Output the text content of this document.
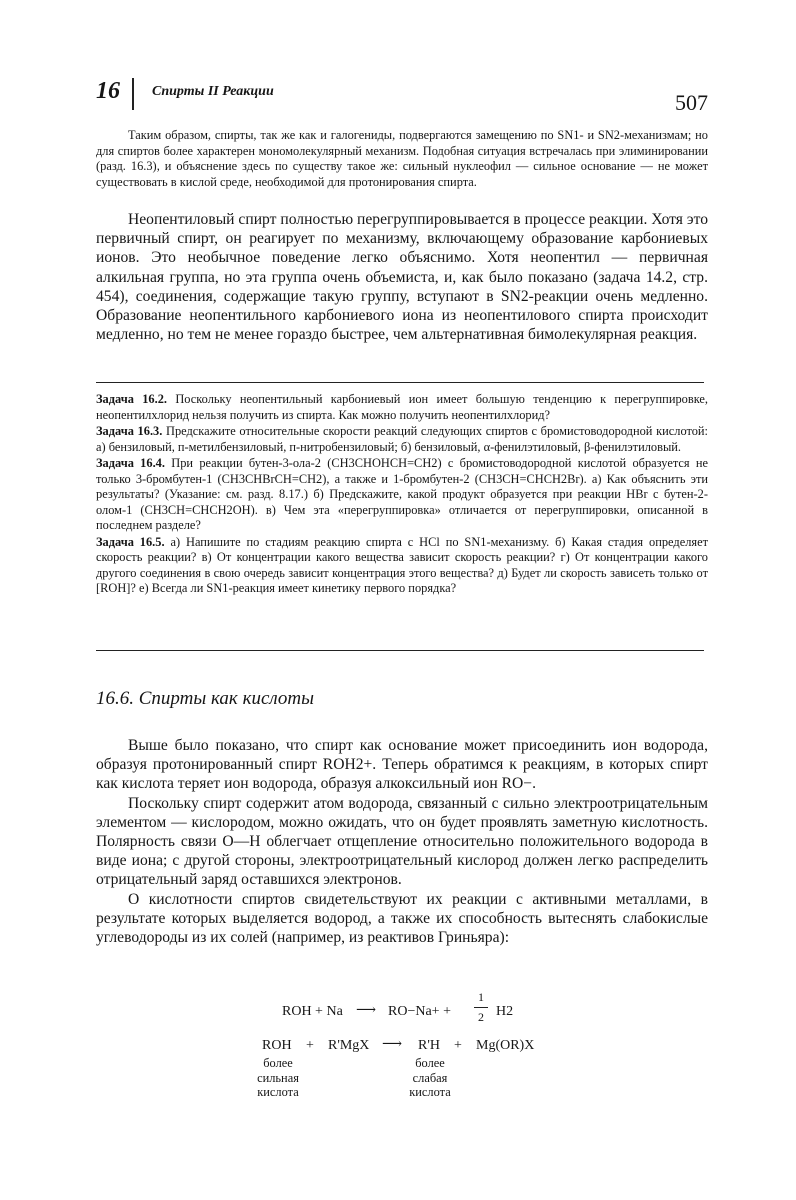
16 Спирты II Реакции	507

Таким образом, спирты, так же как и галогениды, подвергаются замещению по SN1- и SN2-механизмам; но для спиртов более характерен мономолекулярный механизм. Подобная ситуация встречалась при элиминировании (разд. 16.3), и объяснение здесь по существу такое же: сильный нуклеофил — сильное основание — не может существовать в кислой среде, необходимой для протонирования спирта.

Неопентиловый спирт полностью перегруппировывается в процессе реакции. Хотя это первичный спирт, он реагирует по механизму, включающему образование карбониевых ионов. Это необычное поведение легко объяснимо. Хотя неопентил — первичная алкильная группа, но эта группа очень объемиста, и, как было показано (задача 14.2, стр. 454), соединения, содержащие такую группу, вступают в SN2-реакции очень медленно. Образование неопентильного карбониевого иона из неопентилового спирта происходит медленно, но тем не менее гораздо быстрее, чем альтернативная бимолекулярная реакция.

Задача 16.2. Поскольку неопентильный карбониевый ион имеет большую тенденцию к перегруппировке, неопентилхлорид нельзя получить из спирта. Как можно получить неопентилхлорид?

Задача 16.3. Предскажите относительные скорости реакций следующих спиртов с бромистоводородной кислотой: а) бензиловый, п-метилбензиловый, п-нитробензиловый; б) бензиловый, α-фенилэтиловый, β-фенилэтиловый.

Задача 16.4. При реакции бутен-3-ола-2 (CH3CHOHCH=CH2) с бромистоводородной кислотой образуется не только 3-бромбутен-1 (CH3CHBrCH=CH2), а также и 1-бромбутен-2 (CH3CH=CHCH2Br). а) Как объяснить эти результаты? (Указание: см. разд. 8.17.) б) Предскажите, какой продукт образуется при реакции HBr с бутен-2-олом-1 (CH3CH=CHCH2OH). в) Чем эта «перегруппировка» отличается от перегруппировки, описанной в последнем разделе?

Задача 16.5. а) Напишите по стадиям реакцию спирта с HCl по SN1-механизму. б) Какая стадия определяет скорость реакции? в) От концентрации какого вещества зависит скорость реакции? г) От концентрации какого другого соединения в свою очередь зависит концентрация этого вещества? д) Будет ли скорость зависеть только от [ROH]? е) Всегда ли SN1-реакция имеет кинетику первого порядка?

16.6. Спирты как кислоты

Выше было показано, что спирт как основание может присоединить ион водорода, образуя протонированный спирт ROH2+. Теперь обратимся к реакциям, в которых спирт как кислота теряет ион водорода, образуя алкоксильный ион RO−.

Поскольку спирт содержит атом водорода, связанный с сильно электроотрицательным элементом — кислородом, можно ожидать, что он будет проявлять заметную кислотность. Полярность связи O—H облегчает отщепление относительно положительного водорода в виде иона; с другой стороны, электроотрицательный кислород должен легко распределить отрицательный заряд оставшихся электронов.

О кислотности спиртов свидетельствуют их реакции с активными металлами, в результате которых выделяется водород, а также их способность вытеснять слабокислые углеводороды из их солей (например, из реактивов Гриньяра):

ROH + Na ⟶ RO−Na+ +
1
2 H2
ROH + R'MgX ⟶ R'H + Mg(OR)X
более
сильная
кислота
более
слабая
кислота
